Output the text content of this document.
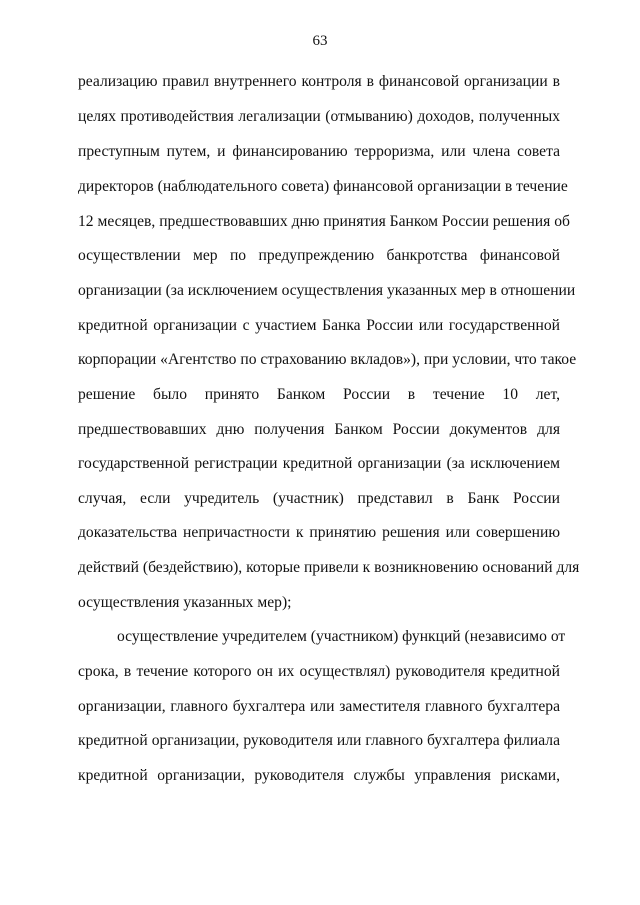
63
реализацию правил внутреннего контроля в финансовой организации в
целях противодействия легализации (отмыванию) доходов, полученных
преступным путем, и финансированию терроризма, или члена совета
директоров (наблюдательного совета) финансовой организации в течение
12 месяцев, предшествовавших дню принятия Банком России решения об
осуществлении мер по предупреждению банкротства финансовой
организации (за исключением осуществления указанных мер в отношении
кредитной организации с участием Банка России или государственной
корпорации «Агентство по страхованию вкладов»), при условии, что такое
решение было принято Банком России в течение 10 лет,
предшествовавших дню получения Банком России документов для
государственной регистрации кредитной организации (за исключением
случая, если учредитель (участник) представил в Банк России
доказательства непричастности к принятию решения или совершению
действий (бездействию), которые привели к возникновению оснований для
осуществления указанных мер);
осуществление учредителем (участником) функций (независимо от
срока, в течение которого он их осуществлял) руководителя кредитной
организации, главного бухгалтера или заместителя главного бухгалтера
кредитной организации, руководителя или главного бухгалтера филиала
кредитной организации, руководителя службы управления рисками,
